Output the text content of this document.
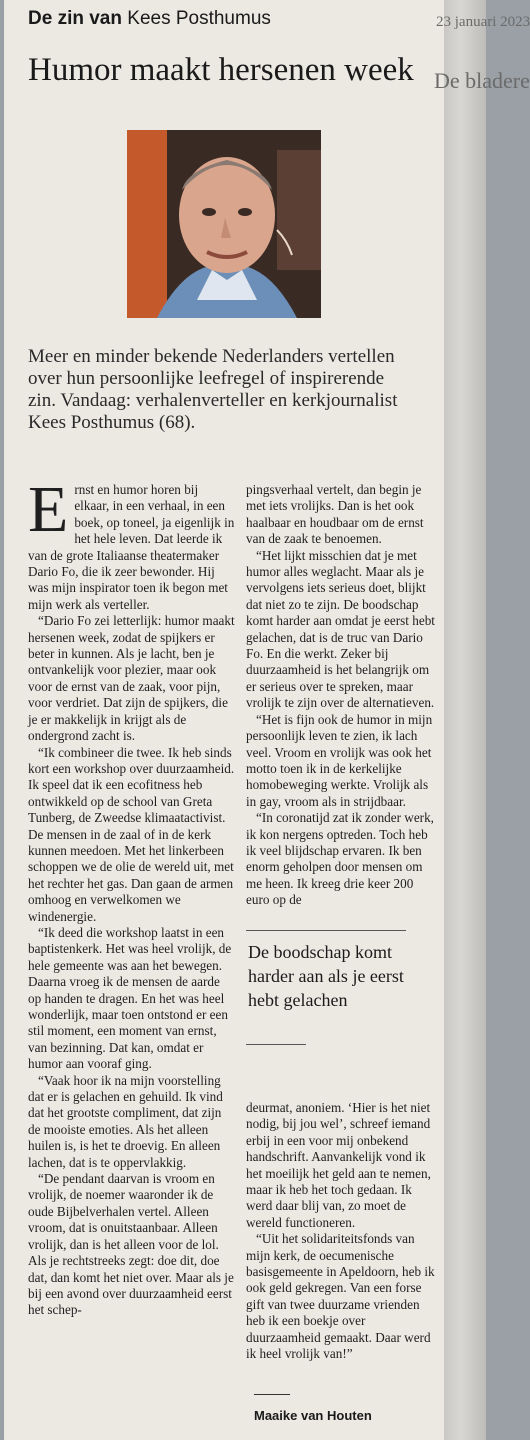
23 januari 2023
De bladere
De zin van Kees Posthumus
Humor maakt hersenen week
Meer en minder bekende Nederlanders vertellen over hun persoonlijke leefregel of inspirerende zin. Vandaag: verhalenverteller en kerkjournalist Kees Posthumus (68).

Ernst en humor horen bij elkaar, in een verhaal, in een boek, op toneel, ja eigenlijk in het hele leven. Dat leerde ik van de grote Italiaanse theatermaker Dario Fo, die ik zeer bewonder. Hij was mijn inspirator toen ik begon met mijn werk als verteller.

“Dario Fo zei letterlijk: humor maakt hersenen week, zodat de spijkers er beter in kunnen. Als je lacht, ben je ontvankelijk voor plezier, maar ook voor de ernst van de zaak, voor pijn, voor verdriet. Dat zijn de spijkers, die je er makkelijk in krijgt als de ondergrond zacht is.

“Ik combineer die twee. Ik heb sinds kort een workshop over duurzaamheid. Ik speel dat ik een ecofitness heb ontwikkeld op de school van Greta Tunberg, de Zweedse klimaatactivist. De mensen in de zaal of in de kerk kunnen meedoen. Met het linkerbeen schoppen we de olie de wereld uit, met het rechter het gas. Dan gaan de armen omhoog en verwelkomen we windenergie.

“Ik deed die workshop laatst in een baptistenkerk. Het was heel vrolijk, de hele gemeente was aan het bewegen. Daarna vroeg ik de mensen de aarde op handen te dragen. En het was heel wonderlijk, maar toen ontstond er een stil moment, een moment van ernst, van bezinning. Dat kan, omdat er humor aan vooraf ging.

“Vaak hoor ik na mijn voorstelling dat er is gelachen en gehuild. Ik vind dat het grootste compliment, dat zijn de mooiste emoties. Als het alleen huilen is, is het te droevig. En alleen lachen, dat is te oppervlakkig.

“De pendant daarvan is vroom en vrolijk, de noemer waaronder ik de oude Bijbelverhalen vertel. Alleen vroom, dat is onuitstaanbaar. Alleen vrolijk, dan is het alleen voor de lol. Als je rechtstreeks zegt: doe dit, doe dat, dan komt het niet over. Maar als je bij een avond over duurzaamheid eerst het schep-

pingsverhaal vertelt, dan begin je met iets vrolijks. Dan is het ook haalbaar en houdbaar om de ernst van de zaak te benoemen.

“Het lijkt misschien dat je met humor alles weglacht. Maar als je vervolgens iets serieus doet, blijkt dat niet zo te zijn. De boodschap komt harder aan omdat je eerst hebt gelachen, dat is de truc van Dario Fo. En die werkt. Zeker bij duurzaamheid is het belangrijk om er serieus over te spreken, maar vrolijk te zijn over de alternatieven.

“Het is fijn ook de humor in mijn persoonlijk leven te zien, ik lach veel. Vroom en vrolijk was ook het motto toen ik in de kerkelijke homobeweging werkte. Vrolijk als in gay, vroom als in strijdbaar.

“In coronatijd zat ik zonder werk, ik kon nergens optreden. Toch heb ik veel blijdschap ervaren. Ik ben enorm geholpen door mensen om me heen. Ik kreeg drie keer 200 euro op de

De boodschap komt harder aan als je eerst hebt gelachen

deurmat, anoniem. ‘Hier is het niet nodig, bij jou wel’, schreef iemand erbij in een voor mij onbekend handschrift. Aanvankelijk vond ik het moeilijk het geld aan te nemen, maar ik heb het toch gedaan. Ik werd daar blij van, zo moet de wereld functioneren.

“Uit het solidariteitsfonds van mijn kerk, de oecumenische basisgemeente in Apeldoorn, heb ik ook geld gekregen. Van een forse gift van twee duurzame vrienden heb ik een boekje over duurzaamheid gemaakt. Daar werd ik heel vrolijk van!”

Maaike van Houten
